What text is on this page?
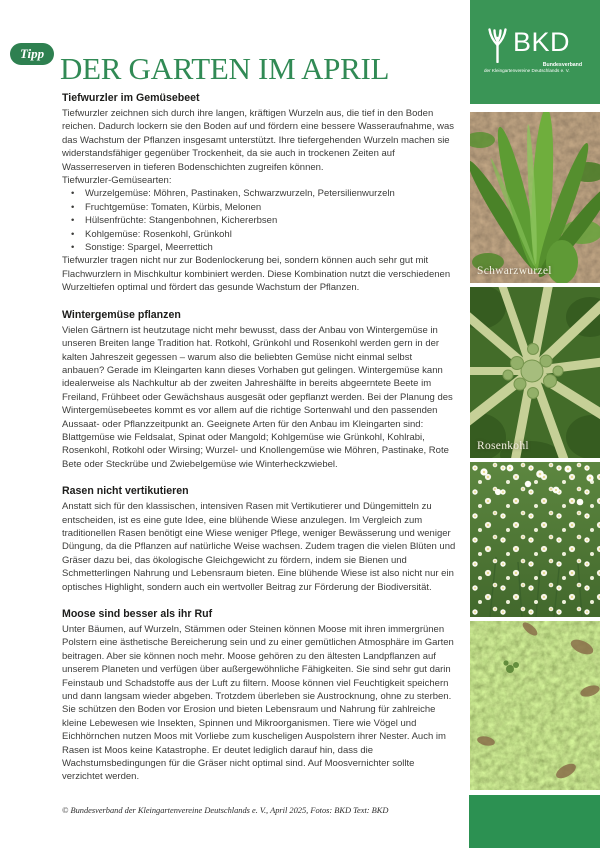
Tipp DER GARTEN IM APRIL
Tiefwurzler im Gemüsebeet

Tiefwurzler zeichnen sich durch ihre langen, kräftigen Wurzeln aus, die tief in den Boden reichen. Dadurch lockern sie den Boden auf und fördern eine bessere Wasseraufnahme, was das Wachstum der Pflanzen insgesamt unterstützt. Ihre tiefergehenden Wurzeln machen sie widerstandsfähiger gegenüber Trockenheit, da sie auch in trockenen Zeiten auf Wasserreserven in tieferen Bodenschichten zugreifen können.

Tiefwurzler-Gemüsearten:

• Wurzelgemüse: Möhren, Pastinaken, Schwarzwurzeln, Petersilienwurzeln
• Fruchtgemüse: Tomaten, Kürbis, Melonen
• Hülsenfrüchte: Stangenbohnen, Kichererbsen
• Kohlgemüse: Rosenkohl, Grünkohl
• Sonstige: Spargel, Meerrettich

Tiefwurzler tragen nicht nur zur Bodenlockerung bei, sondern können auch sehr gut mit Flachwurzlern in Mischkultur kombiniert werden. Diese Kombination nutzt die verschiedenen Wurzeltiefen optimal und fördert das gesunde Wachstum der Pflanzen.

Wintergemüse pflanzen

Vielen Gärtnern ist heutzutage nicht mehr bewusst, dass der Anbau von Wintergemüse in unseren Breiten lange Tradition hat. Rotkohl, Grünkohl und Rosenkohl werden gern in der kalten Jahreszeit gegessen – warum also die beliebten Gemüse nicht einmal selbst anbauen? Gerade im Kleingarten kann dieses Vorhaben gut gelingen. Wintergemüse kann idealerweise als Nachkultur ab der zweiten Jahreshälfte in bereits abgeerntete Beete im Freiland, Frühbeet oder Gewächshaus ausgesät oder gepflanzt werden. Bei der Planung des Wintergemüsebeetes kommt es vor allem auf die richtige Sortenwahl und den passenden Aussaat- oder Pflanzzeitpunkt an. Geeignete Arten für den Anbau im Kleingarten sind: Blattgemüse wie Feldsalat, Spinat oder Mangold; Kohlgemüse wie Grünkohl, Kohlrabi, Rosenkohl, Rotkohl oder Wirsing; Wurzel- und Knollengemüse wie Möhren, Pastinake, Rote Bete oder Steckrübe und Zwiebelgemüse wie Winterheckzwiebel.

Rasen nicht vertikutieren

Anstatt sich für den klassischen, intensiven Rasen mit Vertikutierer und Düngemitteln zu entscheiden, ist es eine gute Idee, eine blühende Wiese anzulegen. Im Vergleich zum traditionellen Rasen benötigt eine Wiese weniger Pflege, weniger Bewässerung und weniger Düngung, da die Pflanzen auf natürliche Weise wachsen. Zudem tragen die vielen Blüten und Gräser dazu bei, das ökologische Gleichgewicht zu fördern, indem sie Bienen und Schmetterlingen Nahrung und Lebensraum bieten. Eine blühende Wiese ist also nicht nur ein optisches Highlight, sondern auch ein wertvoller Beitrag zur Förderung der Biodiversität.

Moose sind besser als ihr Ruf

Unter Bäumen, auf Wurzeln, Stämmen oder Steinen können Moose mit ihren immergrünen Polstern eine ästhetische Bereicherung sein und zu einer gemütlichen Atmosphäre im Garten beitragen. Aber sie können noch mehr. Moose gehören zu den ältesten Landpflanzen auf unserem Planeten und verfügen über außergewöhnliche Fähigkeiten. Sie sind sehr gut darin Feinstaub und Schadstoffe aus der Luft zu filtern. Moose können viel Feuchtigkeit speichern und dann langsam wieder abgeben. Trotzdem überleben sie Austrocknung, ohne zu sterben. Sie schützen den Boden vor Erosion und bieten Lebensraum und Nahrung für zahlreiche kleine Lebewesen wie Insekten, Spinnen und Mikroorganismen. Tiere wie Vögel und Eichhörnchen nutzen Moos mit Vorliebe zum kuscheligen Auspolstern ihrer Nester. Auch im Rasen ist Moos keine Katastrophe. Er deutet lediglich darauf hin, dass die Wachstumsbedingungen für die Gräser nicht optimal sind. Auf Moosvernichter sollte verzichtet werden.

© Bundesverband der Kleingartenvereine Deutschlands e. V., April 2025, Fotos: BKD Text: BKD
BKD
Bundesverband
der Kleingartenvereine Deutschlands e. V.
Schwarzwurzel
Rosenkohl
